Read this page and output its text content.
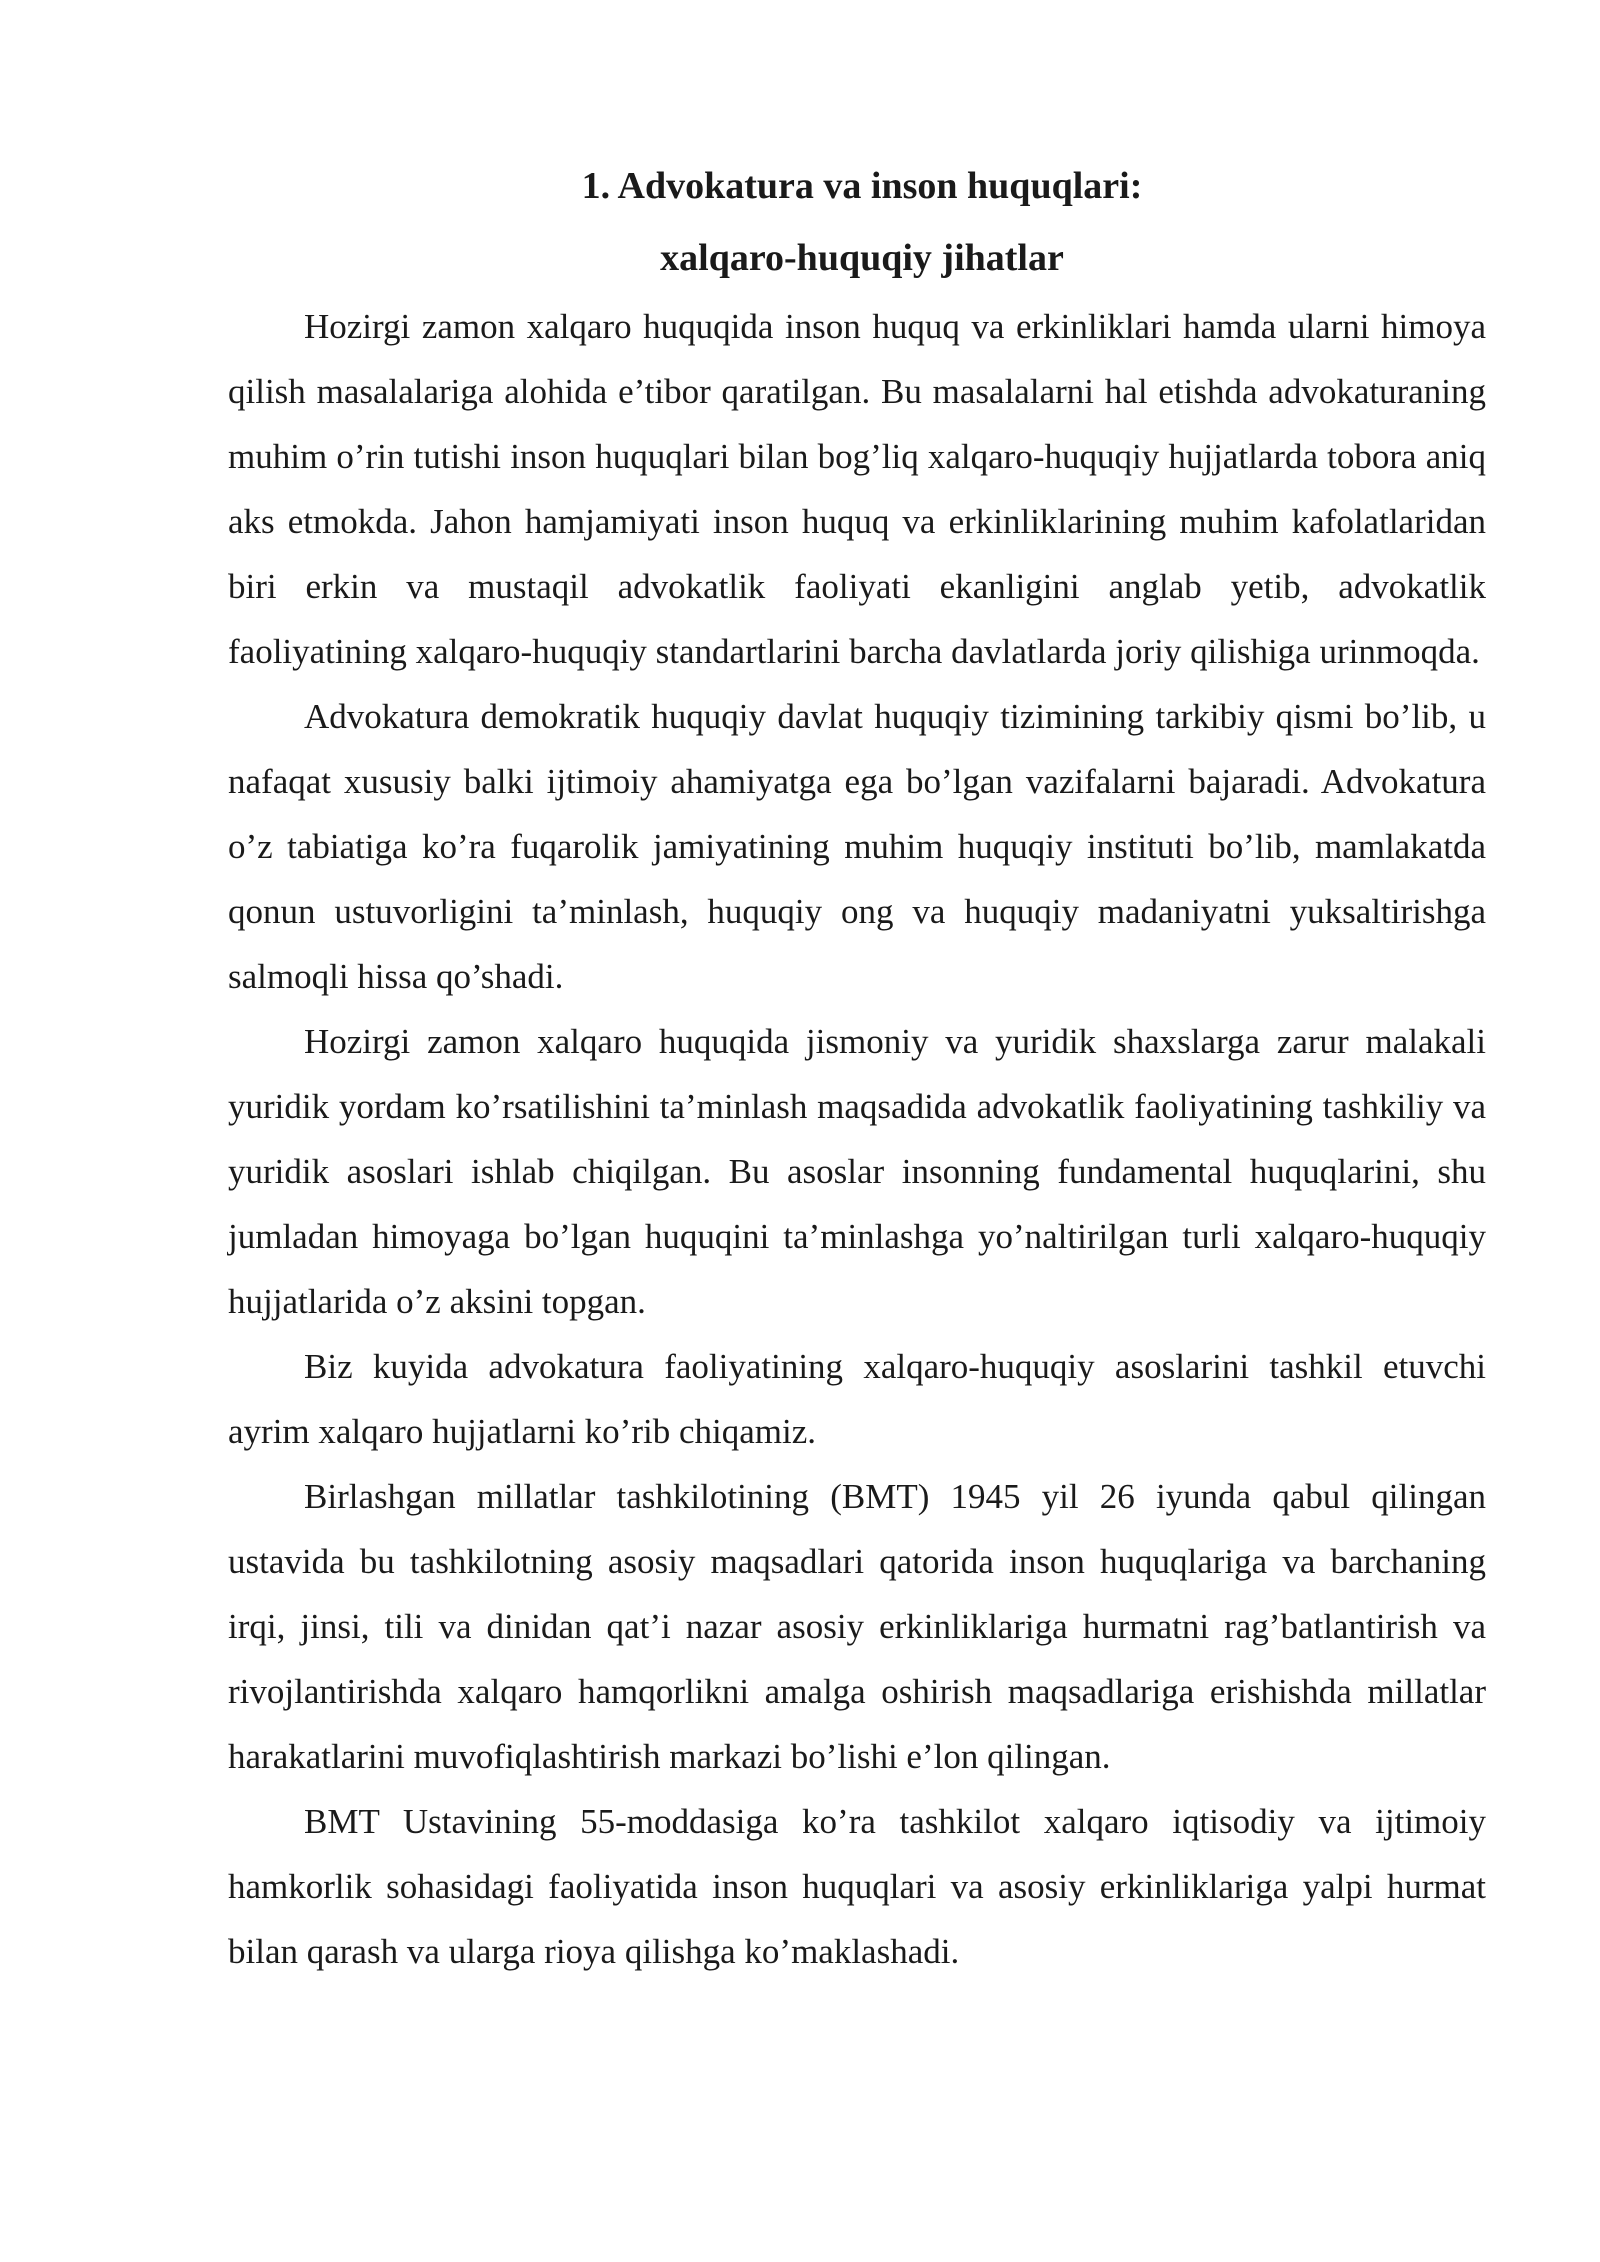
1. Advokatura va inson huquqlari:
xalqaro-huquqiy jihatlar

Hozirgi zamon xalqaro huquqida inson huquq va erkinliklari hamda ularni himoya qilish masalalariga alohida e’tibor qaratilgan. Bu masalalarni hal etishda advokaturaning muhim o’rin tutishi inson huquqlari bilan bog’liq xalqaro-huquqiy hujjatlarda tobora aniq aks etmokda. Jahon hamjamiyati inson huquq va erkinliklarining muhim kafolatlaridan biri erkin va mustaqil advokatlik faoliyati ekanligini anglab yetib, advokatlik faoliyatining xalqaro-huquqiy standartlarini barcha davlatlarda joriy qilishiga urinmoqda.

Advokatura demokratik huquqiy davlat huquqiy tizimining tarkibiy qismi bo’lib, u nafaqat xususiy balki ijtimoiy ahamiyatga ega bo’lgan vazifalarni bajaradi. Advokatura o’z tabiatiga ko’ra fuqarolik jamiyatining muhim huquqiy instituti bo’lib, mamlakatda qonun ustuvorligini ta’minlash, huquqiy ong va huquqiy madaniyatni yuksaltirishga salmoqli hissa qo’shadi.

Hozirgi zamon xalqaro huquqida jismoniy va yuridik shaxslarga zarur malakali yuridik yordam ko’rsatilishini ta’minlash maqsadida advokatlik faoliyatining tashkiliy va yuridik asoslari ishlab chiqilgan. Bu asoslar insonning fundamental huquqlarini, shu jumladan himoyaga bo’lgan huquqini ta’minlashga yo’naltirilgan turli xalqaro-huquqiy hujjatlarida o’z aksini topgan.

Biz kuyida advokatura faoliyatining xalqaro-huquqiy asoslarini tashkil etuvchi ayrim xalqaro hujjatlarni ko’rib chiqamiz.

Birlashgan millatlar tashkilotining (BMT) 1945 yil 26 iyunda qabul qilingan ustavida bu tashkilotning asosiy maqsadlari qatorida inson huquqlariga va barchaning irqi, jinsi, tili va dinidan qat’i nazar asosiy erkinliklariga hurmatni rag’batlantirish va rivojlantirishda xalqaro hamqorlikni amalga oshirish maqsadlariga erishishda millatlar harakatlarini muvofiqlashtirish markazi bo’lishi e’lon qilingan.

BMT Ustavining 55-moddasiga ko’ra tashkilot xalqaro iqtisodiy va ijtimoiy hamkorlik sohasidagi faoliyatida inson huquqlari va asosiy erkinliklariga yalpi hurmat bilan qarash va ularga rioya qilishga ko’maklashadi.
